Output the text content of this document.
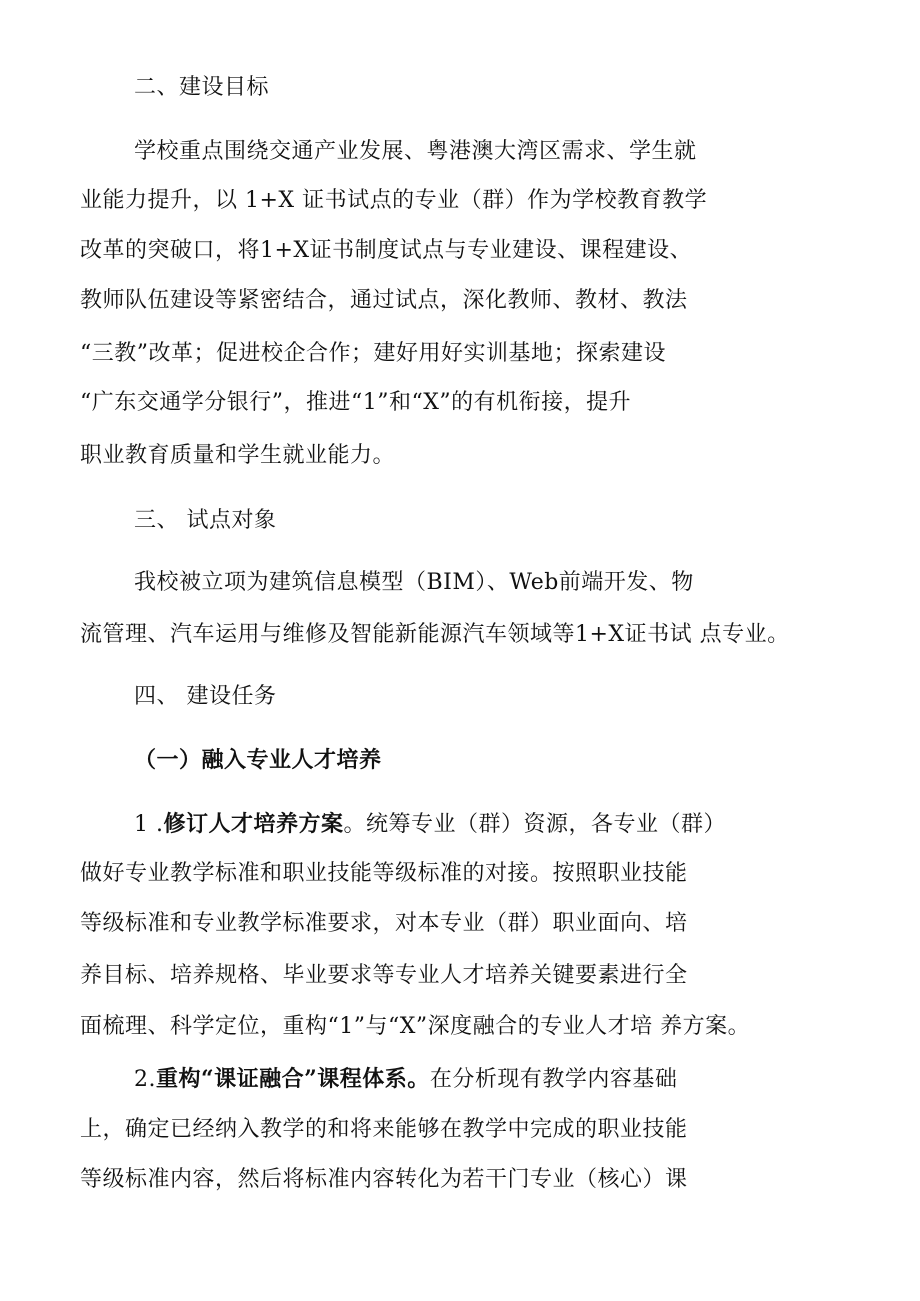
二、建设目标
学校重点围绕交通产业发展、粤港澳大湾区需求、学生就
业能力提升，以 1+X 证书试点的专业（群）作为学校教育教学
改革的突破口，将1+X证书制度试点与专业建设、课程建设、
教师队伍建设等紧密结合，通过试点，深化教师、教材、教法
“三教”改革；促进校企合作；建好用好实训基地；探索建设
“广东交通学分银行”，推进“1”和“X”的有机衔接，提升
职业教育质量和学生就业能力。
三、 试点对象
我校被立项为建筑信息模型（BIM）、Web前端开发、物
流管理、汽车运用与维修及智能新能源汽车领域等1+X证书试 点专业。
四、 建设任务
（一）融入专业人才培养
1 .修订人才培养方案。统筹专业（群）资源，各专业（群）
做好专业教学标准和职业技能等级标准的对接。按照职业技能
等级标准和专业教学标准要求，对本专业（群）职业面向、培
养目标、培养规格、毕业要求等专业人才培养关键要素进行全
面梳理、科学定位，重构“1”与“X”深度融合的专业人才培 养方案。
2.重构“课证融合”课程体系。在分析现有教学内容基础
上，确定已经纳入教学的和将来能够在教学中完成的职业技能
等级标准内容，然后将标准内容转化为若干门专业（核心）课
